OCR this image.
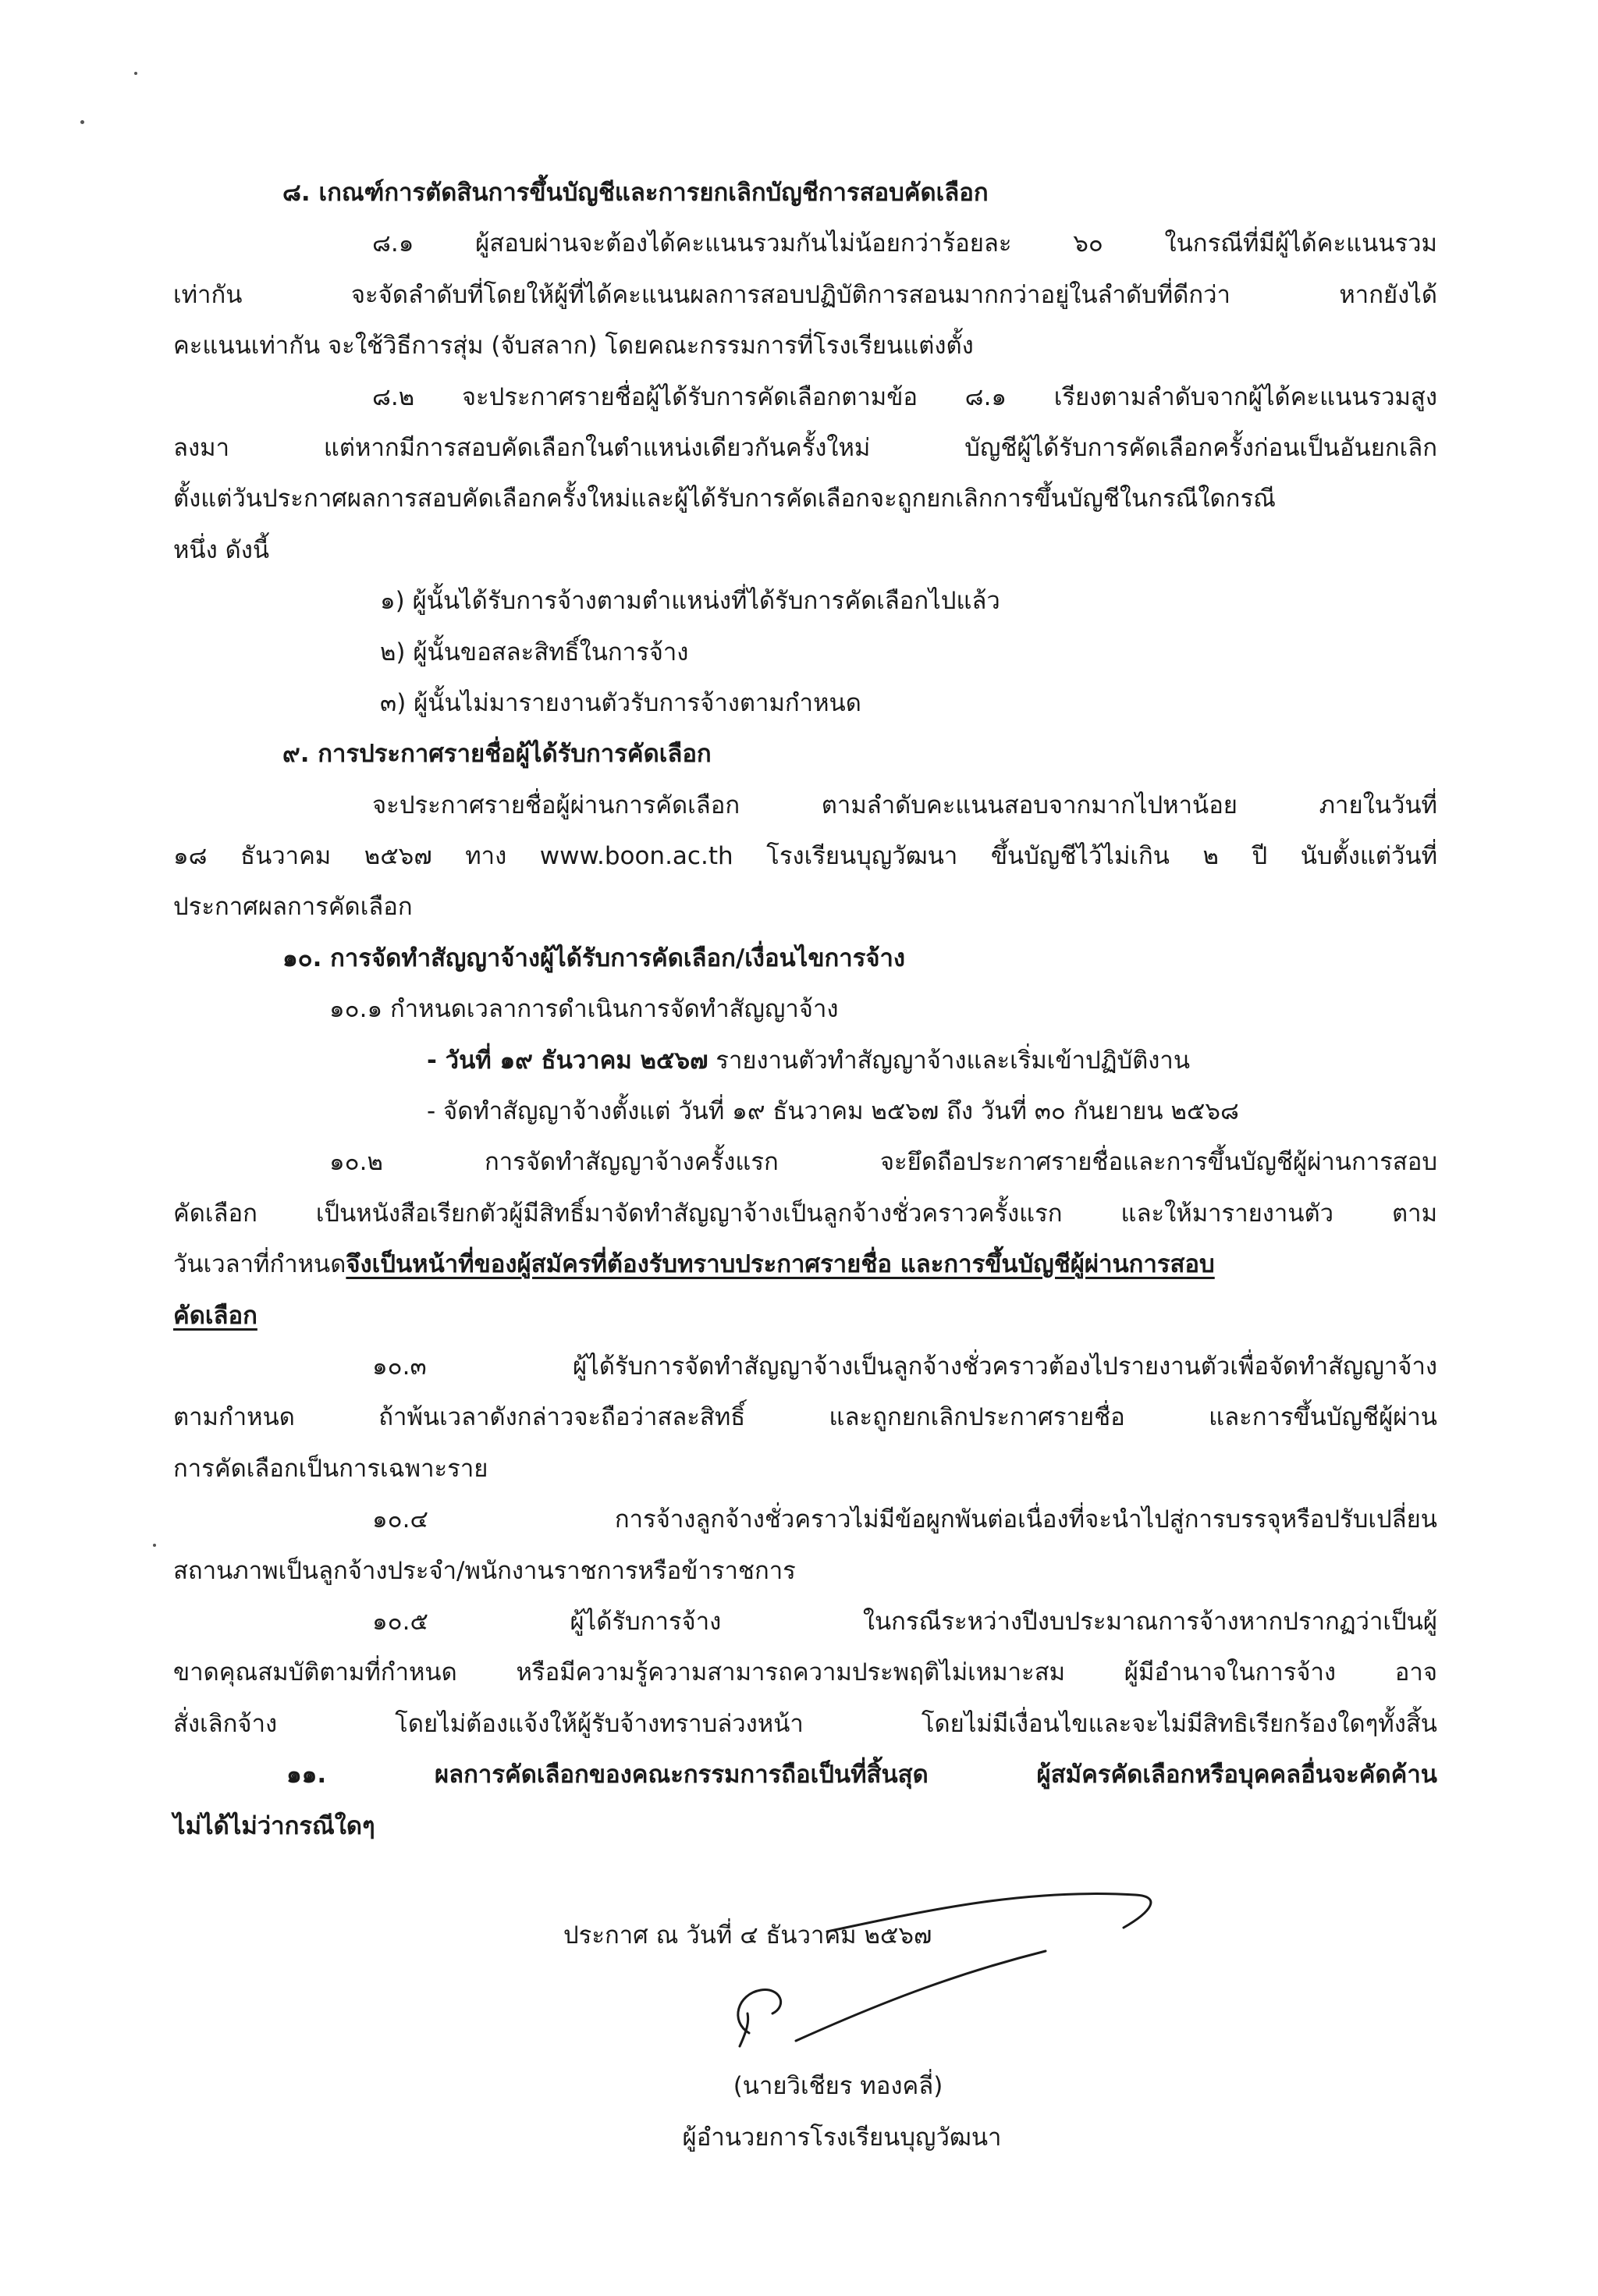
๘. เกณฑ์การตัดสินการขึ้นบัญชีและการยกเลิกบัญชีการสอบคัดเลือก
๘.๑ ผู้สอบผ่านจะต้องได้คะแนนรวมกันไม่น้อยกว่าร้อยละ ๖๐ ในกรณีที่มีผู้ได้คะแนนรวม
เท่ากัน จะจัดลำดับที่โดยให้ผู้ที่ได้คะแนนผลการสอบปฏิบัติการสอนมากกว่าอยู่ในลำดับที่ดีกว่า หากยังได้
คะแนนเท่ากัน จะใช้วิธีการสุ่ม (จับสลาก) โดยคณะกรรมการที่โรงเรียนแต่งตั้ง
๘.๒ จะประกาศรายชื่อผู้ได้รับการคัดเลือกตามข้อ ๘.๑ เรียงตามลำดับจากผู้ได้คะแนนรวมสูง
ลงมา แต่หากมีการสอบคัดเลือกในตำแหน่งเดียวกันครั้งใหม่ บัญชีผู้ได้รับการคัดเลือกครั้งก่อนเป็นอันยกเลิก
ตั้งแต่วันประกาศผลการสอบคัดเลือกครั้งใหม่และผู้ได้รับการคัดเลือกจะถูกยกเลิกการขึ้นบัญชีในกรณีใดกรณี
หนึ่ง ดังนี้
๑) ผู้นั้นได้รับการจ้างตามตำแหน่งที่ได้รับการคัดเลือกไปแล้ว
๒) ผู้นั้นขอสละสิทธิ์ในการจ้าง
๓) ผู้นั้นไม่มารายงานตัวรับการจ้างตามกำหนด
๙. การประกาศรายชื่อผู้ได้รับการคัดเลือก
จะประกาศรายชื่อผู้ผ่านการคัดเลือก ตามลำดับคะแนนสอบจากมากไปหาน้อย ภายในวันที่
๑๘ ธันวาคม ๒๕๖๗ ทาง www.boon.ac.th โรงเรียนบุญวัฒนา ขึ้นบัญชีไว้ไม่เกิน ๒ ปี นับตั้งแต่วันที่
ประกาศผลการคัดเลือก
๑๐. การจัดทำสัญญาจ้างผู้ได้รับการคัดเลือก/เงื่อนไขการจ้าง
๑๐.๑ กำหนดเวลาการดำเนินการจัดทำสัญญาจ้าง
- วันที่ ๑๙ ธันวาคม ๒๕๖๗ รายงานตัวทำสัญญาจ้างและเริ่มเข้าปฏิบัติงาน
- จัดทำสัญญาจ้างตั้งแต่ วันที่ ๑๙ ธันวาคม ๒๕๖๗ ถึง วันที่ ๓๐ กันยายน ๒๕๖๘
๑๐.๒ การจัดทำสัญญาจ้างครั้งแรก จะยึดถือประกาศรายชื่อและการขึ้นบัญชีผู้ผ่านการสอบ
คัดเลือก เป็นหนังสือเรียกตัวผู้มีสิทธิ์มาจัดทำสัญญาจ้างเป็นลูกจ้างชั่วคราวครั้งแรก และให้มารายงานตัว ตาม
วันเวลาที่กำหนดจึงเป็นหน้าที่ของผู้สมัครที่ต้องรับทราบประกาศรายชื่อ และการขึ้นบัญชีผู้ผ่านการสอบ
คัดเลือก
๑๐.๓ ผู้ได้รับการจัดทำสัญญาจ้างเป็นลูกจ้างชั่วคราวต้องไปรายงานตัวเพื่อจัดทำสัญญาจ้าง
ตามกำหนด ถ้าพ้นเวลาดังกล่าวจะถือว่าสละสิทธิ์ และถูกยกเลิกประกาศรายชื่อ และการขึ้นบัญชีผู้ผ่าน
การคัดเลือกเป็นการเฉพาะราย
๑๐.๔ การจ้างลูกจ้างชั่วคราวไม่มีข้อผูกพันต่อเนื่องที่จะนำไปสู่การบรรจุหรือปรับเปลี่ยน
สถานภาพเป็นลูกจ้างประจำ/พนักงานราชการหรือข้าราชการ
๑๐.๕ ผู้ได้รับการจ้าง ในกรณีระหว่างปีงบประมาณการจ้างหากปรากฏว่าเป็นผู้
ขาดคุณสมบัติตามที่กำหนด หรือมีความรู้ความสามารถความประพฤติไม่เหมาะสม ผู้มีอำนาจในการจ้าง อาจ
สั่งเลิกจ้าง โดยไม่ต้องแจ้งให้ผู้รับจ้างทราบล่วงหน้า โดยไม่มีเงื่อนไขและจะไม่มีสิทธิเรียกร้องใดๆทั้งสิ้น
๑๑. ผลการคัดเลือกของคณะกรรมการถือเป็นที่สิ้นสุด ผู้สมัครคัดเลือกหรือบุคคลอื่นจะคัดค้าน
ไม่ได้ไม่ว่ากรณีใดๆ
ประกาศ ณ วันที่ ๔ ธันวาคม ๒๕๖๗
(นายวิเชียร ทองคลี่)
ผู้อำนวยการโรงเรียนบุญวัฒนา
